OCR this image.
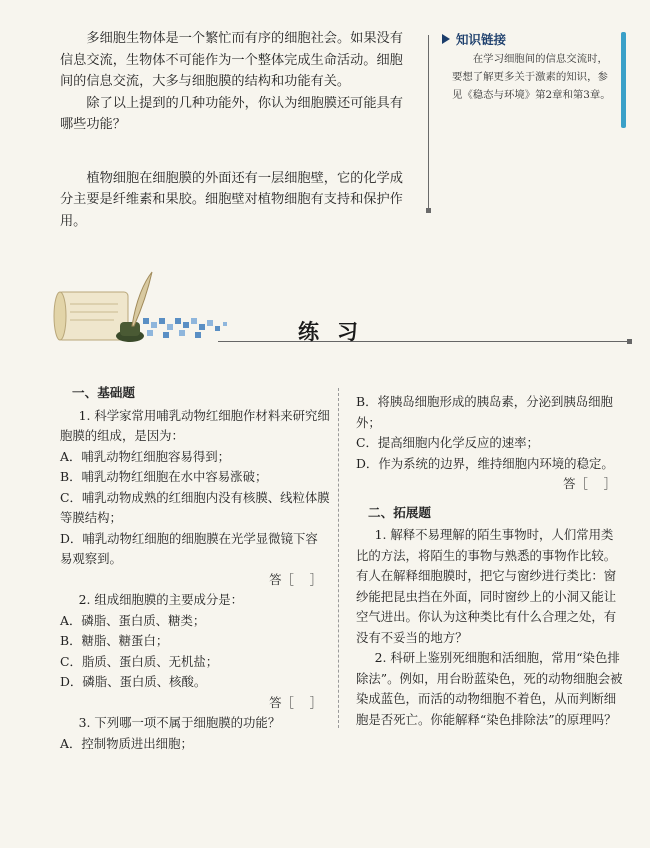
多细胞生物体是一个繁忙而有序的细胞社会。如果没有信息交流，生物体不可能作为一个整体完成生命活动。细胞间的信息交流，大多与细胞膜的结构和功能有关。

除了以上提到的几种功能外，你认为细胞膜还可能具有哪些功能？

植物细胞在细胞膜的外面还有一层细胞壁，它的化学成分主要是纤维素和果胶。细胞壁对植物细胞有支持和保护作用。

知识链接
在学习细胞间的信息交流时，要想了解更多关于激素的知识，参见《稳态与环境》第2章和第3章。
练习
一、基础题

1. 科学家常用哺乳动物红细胞作材料来研究细胞膜的组成，是因为：

A．哺乳动物红细胞容易得到；

B．哺乳动物红细胞在水中容易涨破；

C．哺乳动物成熟的红细胞内没有核膜、线粒体膜等膜结构；

D．哺乳动物红细胞的细胞膜在光学显微镜下容易观察到。

答［    ］

2. 组成细胞膜的主要成分是：

A．磷脂、蛋白质、糖类；

B．糖脂、糖蛋白；

C．脂质、蛋白质、无机盐；

D．磷脂、蛋白质、核酸。

答［    ］

3. 下列哪一项不属于细胞膜的功能？

A．控制物质进出细胞；

B．将胰岛细胞形成的胰岛素，分泌到胰岛细胞外；

C．提高细胞内化学反应的速率；

D．作为系统的边界，维持细胞内环境的稳定。

答［    ］

二、拓展题

1. 解释不易理解的陌生事物时，人们常用类比的方法，将陌生的事物与熟悉的事物作比较。有人在解释细胞膜时，把它与窗纱进行类比：窗纱能把昆虫挡在外面，同时窗纱上的小洞又能让空气进出。你认为这种类比有什么合理之处，有没有不妥当的地方？

2. 科研上鉴别死细胞和活细胞，常用“染色排除法”。例如，用台盼蓝染色，死的动物细胞会被染成蓝色，而活的动物细胞不着色，从而判断细胞是否死亡。你能解释“染色排除法”的原理吗？
